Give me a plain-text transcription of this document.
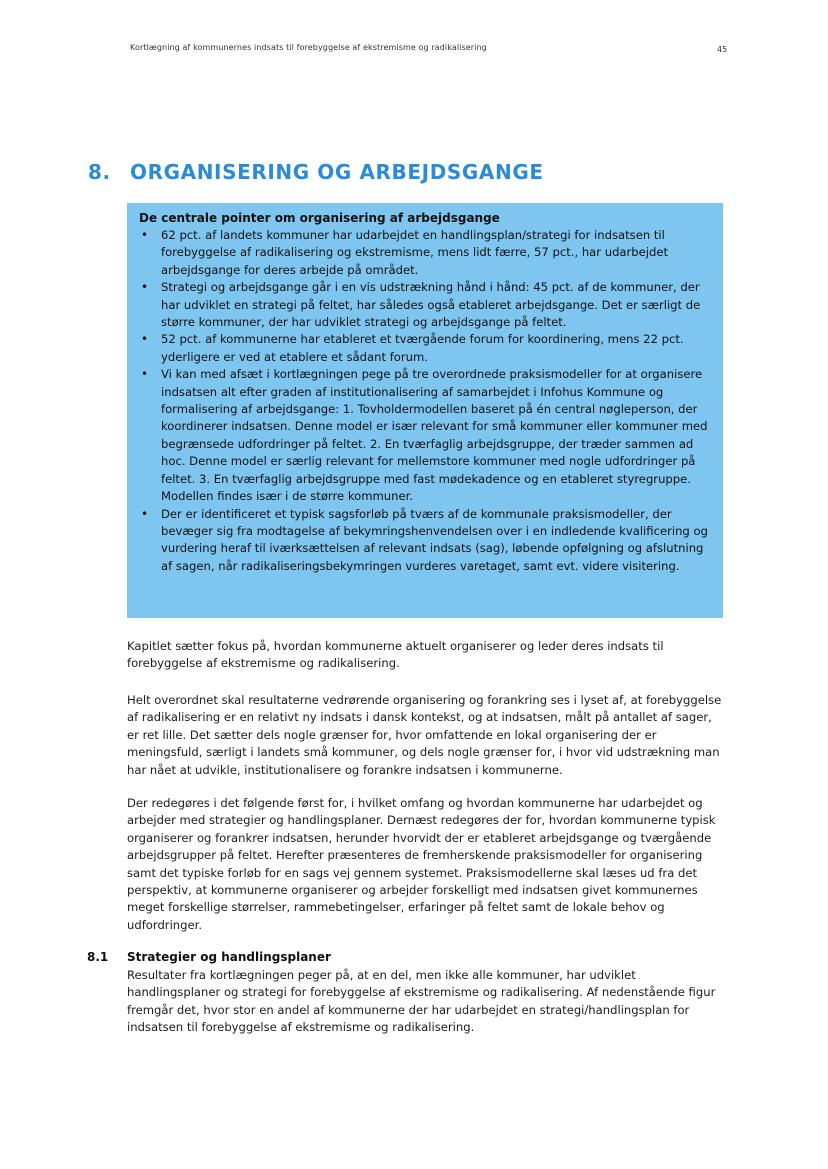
Kortlægning af kommunernes indsats til forebyggelse af ekstremisme og radikalisering	45
8. ORGANISERING OG ARBEJDSGANGE
De centrale pointer om organisering af arbejdsgange
• 62 pct. af landets kommuner har udarbejdet en handlingsplan/strategi for indsatsen til forebyggelse af radikalisering og ekstremisme, mens lidt færre, 57 pct., har udarbejdet arbejdsgange for deres arbejde på området.
• Strategi og arbejdsgange går i en vis udstrækning hånd i hånd: 45 pct. af de kommuner, der har udviklet en strategi på feltet, har således også etableret arbejdsgange. Det er særligt de større kommuner, der har udviklet strategi og arbejdsgange på feltet.
• 52 pct. af kommunerne har etableret et tværgående forum for koordinering, mens 22 pct. yderligere er ved at etablere et sådant forum.
• Vi kan med afsæt i kortlægningen pege på tre overordnede praksismodeller for at organisere indsatsen alt efter graden af institutionalisering af samarbejdet i Infohus Kommune og formalisering af arbejdsgange: 1. Tovholdermodellen baseret på én central nøgleperson, der koordinerer indsatsen. Denne model er især relevant for små kommuner eller kommuner med begrænsede udfordringer på feltet. 2. En tværfaglig arbejdsgruppe, der træder sammen ad hoc. Denne model er særlig relevant for mellemstore kommuner med nogle udfordringer på feltet. 3. En tværfaglig arbejdsgruppe med fast mødekadence og en etableret styregruppe. Modellen findes især i de større kommuner.
• Der er identificeret et typisk sagsforløb på tværs af de kommunale praksismodeller, der bevæger sig fra modtagelse af bekymringshenvendelsen over i en indledende kvalificering og vurdering heraf til iværksættelsen af relevant indsats (sag), løbende opfølgning og afslutning af sagen, når radikaliseringsbekymringen vurderes varetaget, samt evt. videre visitering.
Kapitlet sætter fokus på, hvordan kommunerne aktuelt organiserer og leder deres indsats til forebyggelse af ekstremisme og radikalisering.
Helt overordnet skal resultaterne vedrørende organisering og forankring ses i lyset af, at forebyggelse af radikalisering er en relativt ny indsats i dansk kontekst, og at indsatsen, målt på antallet af sager, er ret lille. Det sætter dels nogle grænser for, hvor omfattende en lokal organisering der er meningsfuld, særligt i landets små kommuner, og dels nogle grænser for, i hvor vid udstrækning man har nået at udvikle, institutionalisere og forankre indsatsen i kommunerne.
Der redegøres i det følgende først for, i hvilket omfang og hvordan kommunerne har udarbejdet og arbejder med strategier og handlingsplaner. Dernæst redegøres der for, hvordan kommunerne typisk organiserer og forankrer indsatsen, herunder hvorvidt der er etableret arbejdsgange og tværgående arbejdsgrupper på feltet. Herefter præsenteres de fremherskende praksismodeller for organisering samt det typiske forløb for en sags vej gennem systemet. Praksismodellerne skal læses ud fra det perspektiv, at kommunerne organiserer og arbejder forskelligt med indsatsen givet kommunernes meget forskellige størrelser, rammebetingelser, erfaringer på feltet samt de lokale behov og udfordringer.
8.1 Strategier og handlingsplaner
Resultater fra kortlægningen peger på, at en del, men ikke alle kommuner, har udviklet handlingsplaner og strategi for forebyggelse af ekstremisme og radikalisering. Af nedenstående figur fremgår det, hvor stor en andel af kommunerne der har udarbejdet en strategi/handlingsplan for indsatsen til forebyggelse af ekstremisme og radikalisering.
